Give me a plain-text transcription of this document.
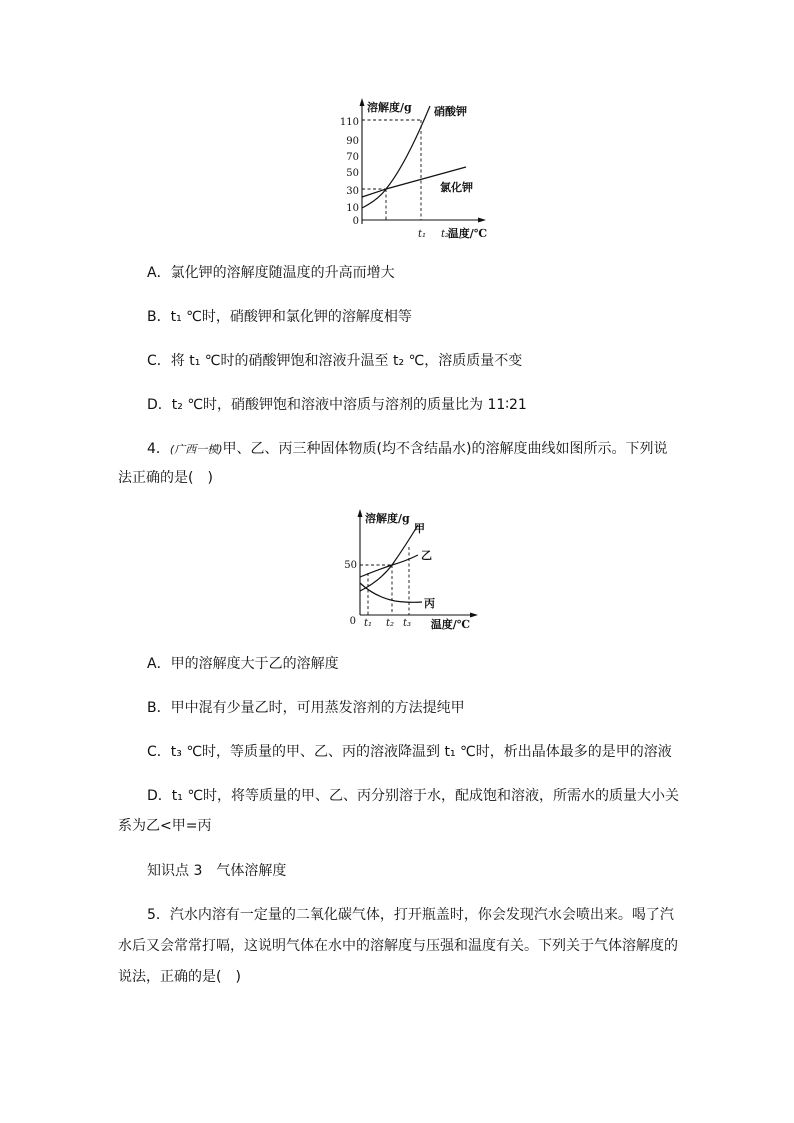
110
90
70
50
30
10
0
溶解度/g
t₁ t₂
温度/℃
硝酸钾
氯化钾
A．氯化钾的溶解度随温度的升高而增大
B．t₁ ℃时，硝酸钾和氯化钾的溶解度相等
C．将 t₁ ℃时的硝酸钾饱和溶液升温至 t₂ ℃，溶质质量不变
D．t₂ ℃时，硝酸钾饱和溶液中溶质与溶剂的质量比为 11∶21
4．(广西一模)甲、乙、丙三种固体物质(均不含结晶水)的溶解度曲线如图所示。下列说
法正确的是(　)
溶解度/g
50
0 t₁ t₂ t₃ 温度/℃
甲
乙
丙
A．甲的溶解度大于乙的溶解度
B．甲中混有少量乙时，可用蒸发溶剂的方法提纯甲
C．t₃ ℃时，等质量的甲、乙、丙的溶液降温到 t₁ ℃时，析出晶体最多的是甲的溶液
D．t₁ ℃时，将等质量的甲、乙、丙分别溶于水，配成饱和溶液，所需水的质量大小关
系为乙<甲=丙
知识点 3　气体溶解度
5．汽水内溶有一定量的二氧化碳气体，打开瓶盖时，你会发现汽水会喷出来。喝了汽
水后又会常常打嗝，这说明气体在水中的溶解度与压强和温度有关。下列关于气体溶解度的
说法，正确的是(　)
